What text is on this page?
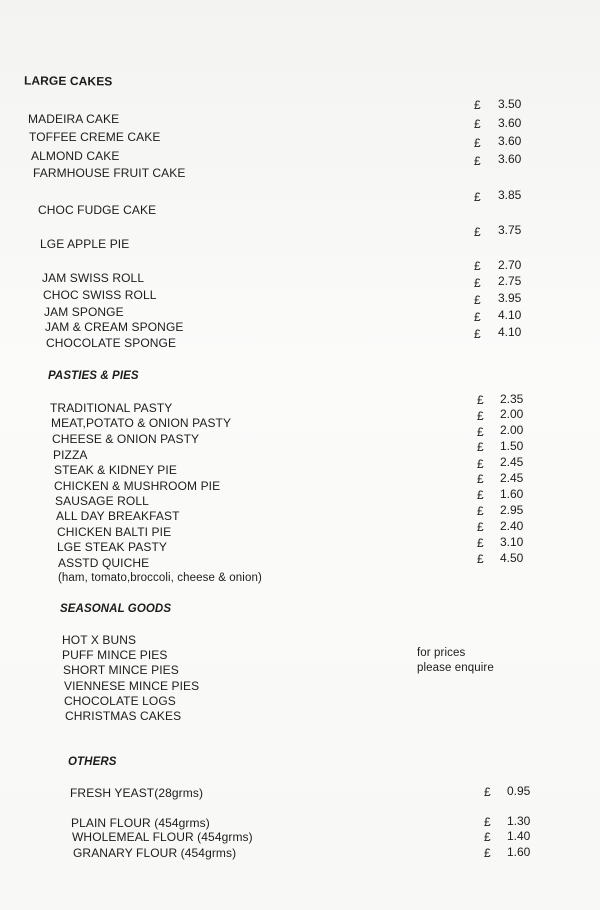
LARGE CAKES
MADEIRA CAKE
TOFFEE CREME CAKE
ALMOND CAKE
FARMHOUSE FRUIT CAKE
CHOC FUDGE CAKE
LGE APPLE PIE
JAM SWISS ROLL
CHOC SWISS ROLL
JAM SPONGE
JAM & CREAM SPONGE
CHOCOLATE SPONGE
£ 3.50
£ 3.60
£ 3.60
£ 3.60
£ 3.85
£ 3.75
£ 2.70
£ 2.75
£ 3.95
£ 4.10
£ 4.10
PASTIES & PIES
TRADITIONAL PASTY
MEAT,POTATO & ONION PASTY
CHEESE & ONION PASTY
PIZZA
STEAK & KIDNEY PIE
CHICKEN & MUSHROOM PIE
SAUSAGE ROLL
ALL DAY BREAKFAST
CHICKEN BALTI PIE
LGE STEAK PASTY
ASSTD QUICHE
(ham, tomato,broccoli, cheese & onion)
£ 2.35
£ 2.00
£ 2.00
£ 1.50
£ 2.45
£ 2.45
£ 1.60
£ 2.95
£ 2.40
£ 3.10
£ 4.50
SEASONAL GOODS
HOT X BUNS
PUFF MINCE PIES
SHORT MINCE PIES
VIENNESE MINCE PIES
CHOCOLATE LOGS
CHRISTMAS CAKES
for prices
please enquire
OTHERS
FRESH YEAST(28grms)
PLAIN FLOUR (454grms)
WHOLEMEAL FLOUR (454grms)
GRANARY FLOUR (454grms)
£ 0.95
£ 1.30
£ 1.40
£ 1.60
